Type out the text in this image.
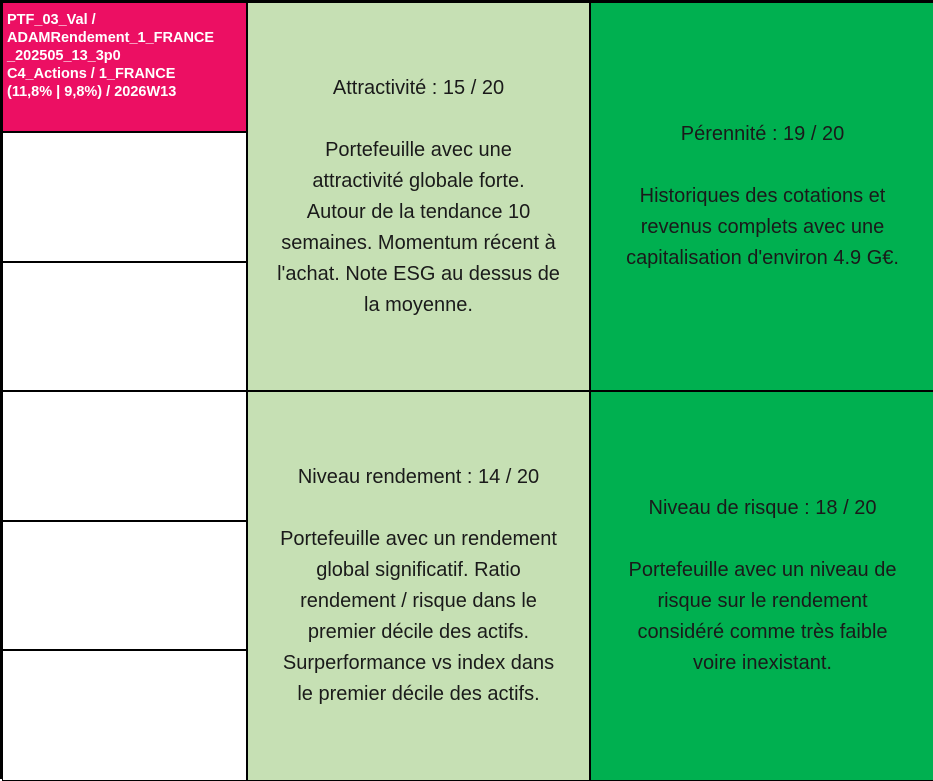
PTF_03_Val /
ADAMRendement_1_FRANCE
_202505_13_3p0
C4_Actions / 1_FRANCE
(11,8% | 9,8%) / 2026W13	Attractivité : 15 / 20
Portefeuille avec une
attractivité globale forte.
Autour de la tendance 10
semaines. Momentum récent à
l'achat. Note ESG au dessus de
la moyenne.
Pérennité : 19 / 20
Historiques des cotations et
revenus complets avec une
capitalisation d'environ 4.9 G€.
Niveau rendement : 14 / 20
Portefeuille avec un rendement
global significatif. Ratio
rendement / risque dans le
premier décile des actifs.
Surperformance vs index dans
le premier décile des actifs.
Niveau de risque : 18 / 20
Portefeuille avec un niveau de
risque sur le rendement
considéré comme très faible
voire inexistant.
